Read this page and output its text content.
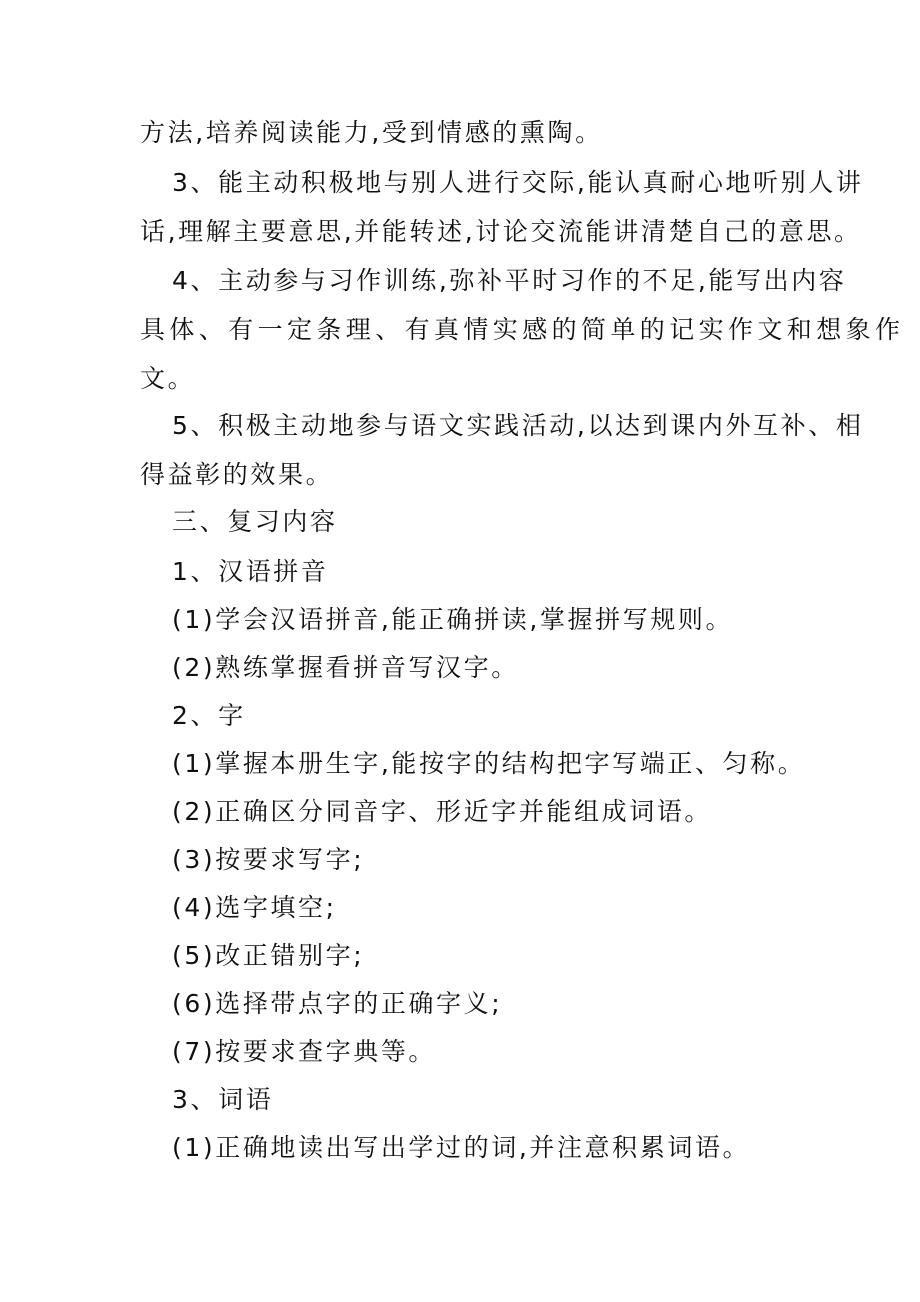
方法,培养阅读能力,受到情感的熏陶。
3、能主动积极地与别人进行交际,能认真耐心地听别人讲
话,理解主要意思,并能转述,讨论交流能讲清楚自己的意思。
4、主动参与习作训练,弥补平时习作的不足,能写出内容
具体、有一定条理、有真情实感的简单的记实作文和想象作
文。
5、积极主动地参与语文实践活动,以达到课内外互补、相
得益彰的效果。
三、复习内容
1、汉语拼音
(1)学会汉语拼音,能正确拼读,掌握拼写规则。
(2)熟练掌握看拼音写汉字。
2、字
(1)掌握本册生字,能按字的结构把字写端正、匀称。
(2)正确区分同音字、形近字并能组成词语。
(3)按要求写字;
(4)选字填空;
(5)改正错别字;
(6)选择带点字的正确字义;
(7)按要求查字典等。
3、词语
(1)正确地读出写出学过的词,并注意积累词语。
